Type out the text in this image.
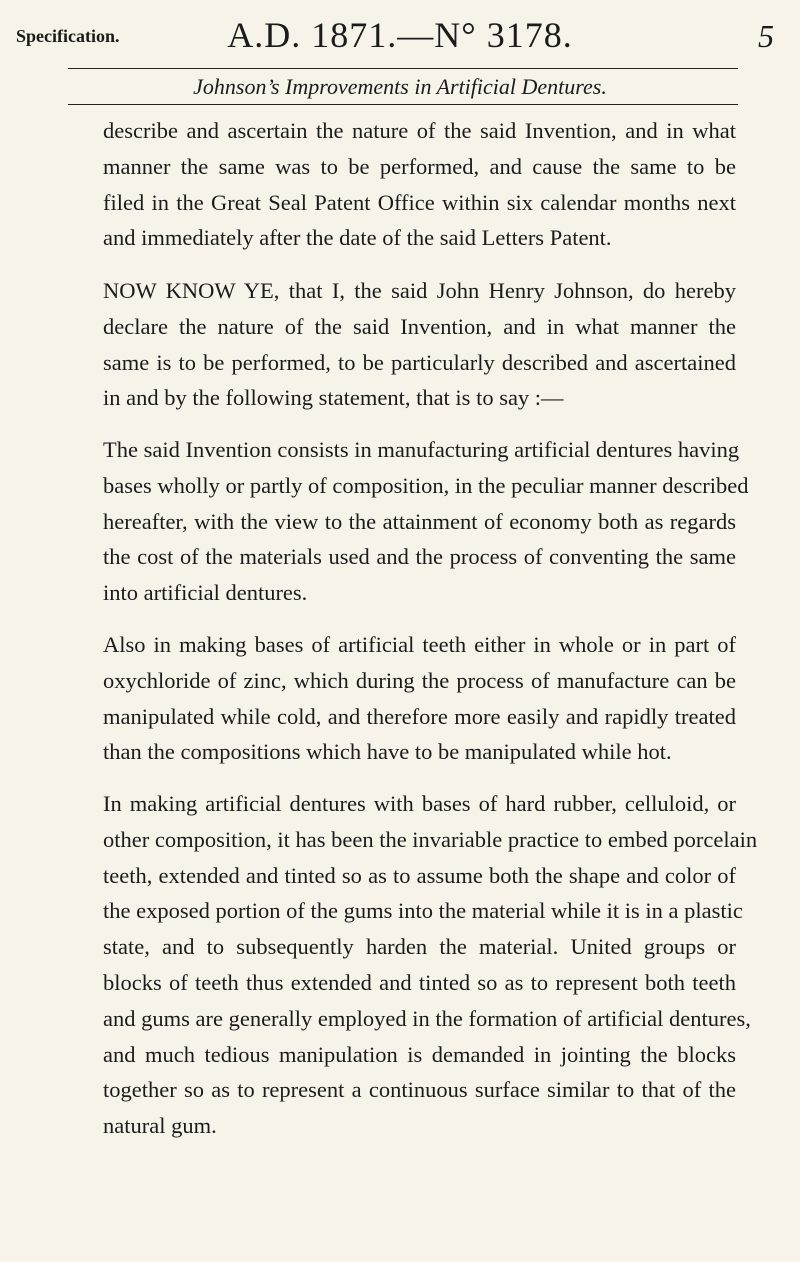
Specification.	A.D. 1871.—N° 3178.	5
Johnson’s Improvements in Artificial Dentures.
describe and ascertain the nature of the said Invention, and in what
manner the same was to be performed, and cause the same to be
filed in the Great Seal Patent Office within six calendar months next
and immediately after the date of the said Letters Patent.
NOW KNOW YE, that I, the said John Henry Johnson, do hereby
declare the nature of the said Invention, and in what manner the
same is to be performed, to be particularly described and ascertained
in and by the following statement, that is to say :—
The said Invention consists in manufacturing artificial dentures having
bases wholly or partly of composition, in the peculiar manner described
hereafter, with the view to the attainment of economy both as regards
the cost of the materials used and the process of conventing the same
into artificial dentures.
Also in making bases of artificial teeth either in whole or in part of
oxychloride of zinc, which during the process of manufacture can be
manipulated while cold, and therefore more easily and rapidly treated
than the compositions which have to be manipulated while hot.
In making artificial dentures with bases of hard rubber, celluloid, or
other composition, it has been the invariable practice to embed porcelain
teeth, extended and tinted so as to assume both the shape and color of
the exposed portion of the gums into the material while it is in a plastic
state, and to subsequently harden the material. United groups or
blocks of teeth thus extended and tinted so as to represent both teeth
and gums are generally employed in the formation of artificial dentures,
and much tedious manipulation is demanded in jointing the blocks
together so as to represent a continuous surface similar to that of the
natural gum.
